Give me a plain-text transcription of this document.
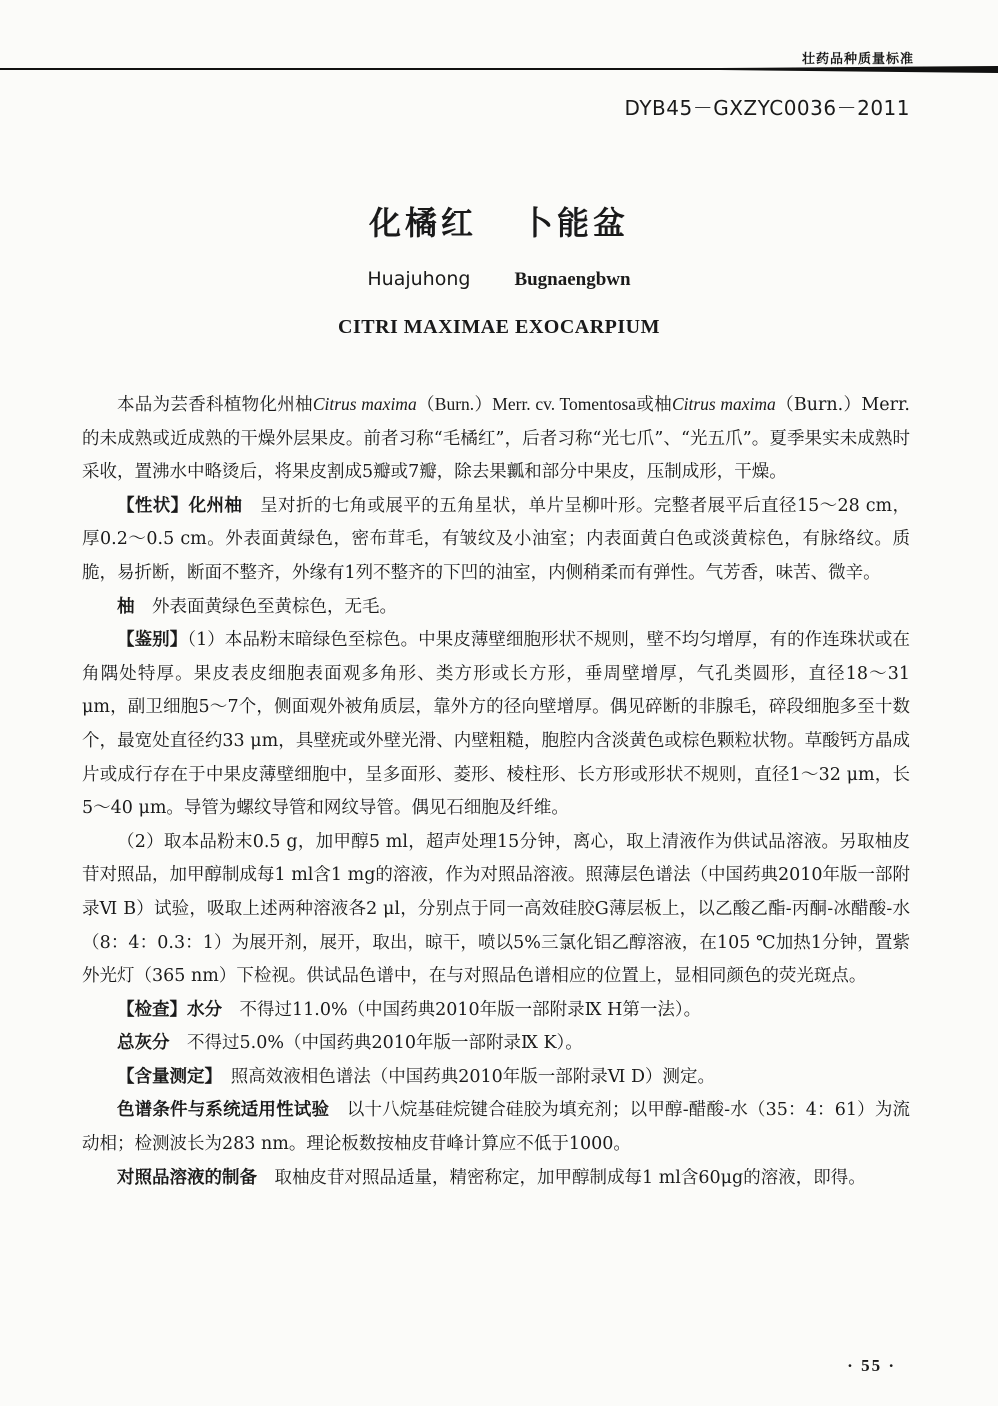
壮药品种质量标准
DYB45－GXZYC0036－2011
化橘红 卜能盆
Huajuhong Bugnaengbwn
CITRI MAXIMAE EXOCARPIUM

本品为芸香科植物化州柚Citrus maxima（Burn.）Merr. cv. Tomentosa或柚Citrus maxima（Burn.）Merr. 的未成熟或近成熟的干燥外层果皮。前者习称“毛橘红”，后者习称“光七爪”、“光五爪”。夏季果实未成熟时采收，置沸水中略烫后，将果皮割成5瓣或7瓣，除去果瓤和部分中果皮，压制成形，干燥。

【性状】化州柚　呈对折的七角或展平的五角星状，单片呈柳叶形。完整者展平后直径15～28 cm，厚0.2～0.5 cm。外表面黄绿色，密布茸毛，有皱纹及小油室；内表面黄白色或淡黄棕色，有脉络纹。质脆，易折断，断面不整齐，外缘有1列不整齐的下凹的油室，内侧稍柔而有弹性。气芳香，味苦、微辛。

柚　外表面黄绿色至黄棕色，无毛。

【鉴别】（1）本品粉末暗绿色至棕色。中果皮薄壁细胞形状不规则，壁不均匀增厚，有的作连珠状或在角隅处特厚。果皮表皮细胞表面观多角形、类方形或长方形，垂周壁增厚，气孔类圆形，直径18～31 μm，副卫细胞5～7个，侧面观外被角质层，靠外方的径向壁增厚。偶见碎断的非腺毛，碎段细胞多至十数个，最宽处直径约33 μm，具壁疣或外壁光滑、内壁粗糙，胞腔内含淡黄色或棕色颗粒状物。草酸钙方晶成片或成行存在于中果皮薄壁细胞中，呈多面形、菱形、棱柱形、长方形或形状不规则，直径1～32 μm，长5～40 μm。导管为螺纹导管和网纹导管。偶见石细胞及纤维。

（2）取本品粉末0.5 g，加甲醇5 ml，超声处理15分钟，离心，取上清液作为供试品溶液。另取柚皮苷对照品，加甲醇制成每1 ml含1 mg的溶液，作为对照品溶液。照薄层色谱法（中国药典2010年版一部附录Ⅵ B）试验，吸取上述两种溶液各2 μl，分别点于同一高效硅胶G薄层板上，以乙酸乙酯-丙酮-冰醋酸-水（8：4：0.3：1）为展开剂，展开，取出，晾干，喷以5%三氯化铝乙醇溶液，在105 ℃加热1分钟，置紫外光灯（365 nm）下检视。供试品色谱中，在与对照品色谱相应的位置上，显相同颜色的荧光斑点。

【检查】水分　不得过11.0%（中国药典2010年版一部附录Ⅸ H第一法）。

总灰分　不得过5.0%（中国药典2010年版一部附录Ⅸ K）。

【含量测定】　照高效液相色谱法（中国药典2010年版一部附录Ⅵ D）测定。

色谱条件与系统适用性试验　以十八烷基硅烷键合硅胶为填充剂；以甲醇-醋酸-水（35：4：61）为流动相；检测波长为283 nm。理论板数按柚皮苷峰计算应不低于1000。

对照品溶液的制备　取柚皮苷对照品适量，精密称定，加甲醇制成每1 ml含60μg的溶液，即得。

· 55 ·
